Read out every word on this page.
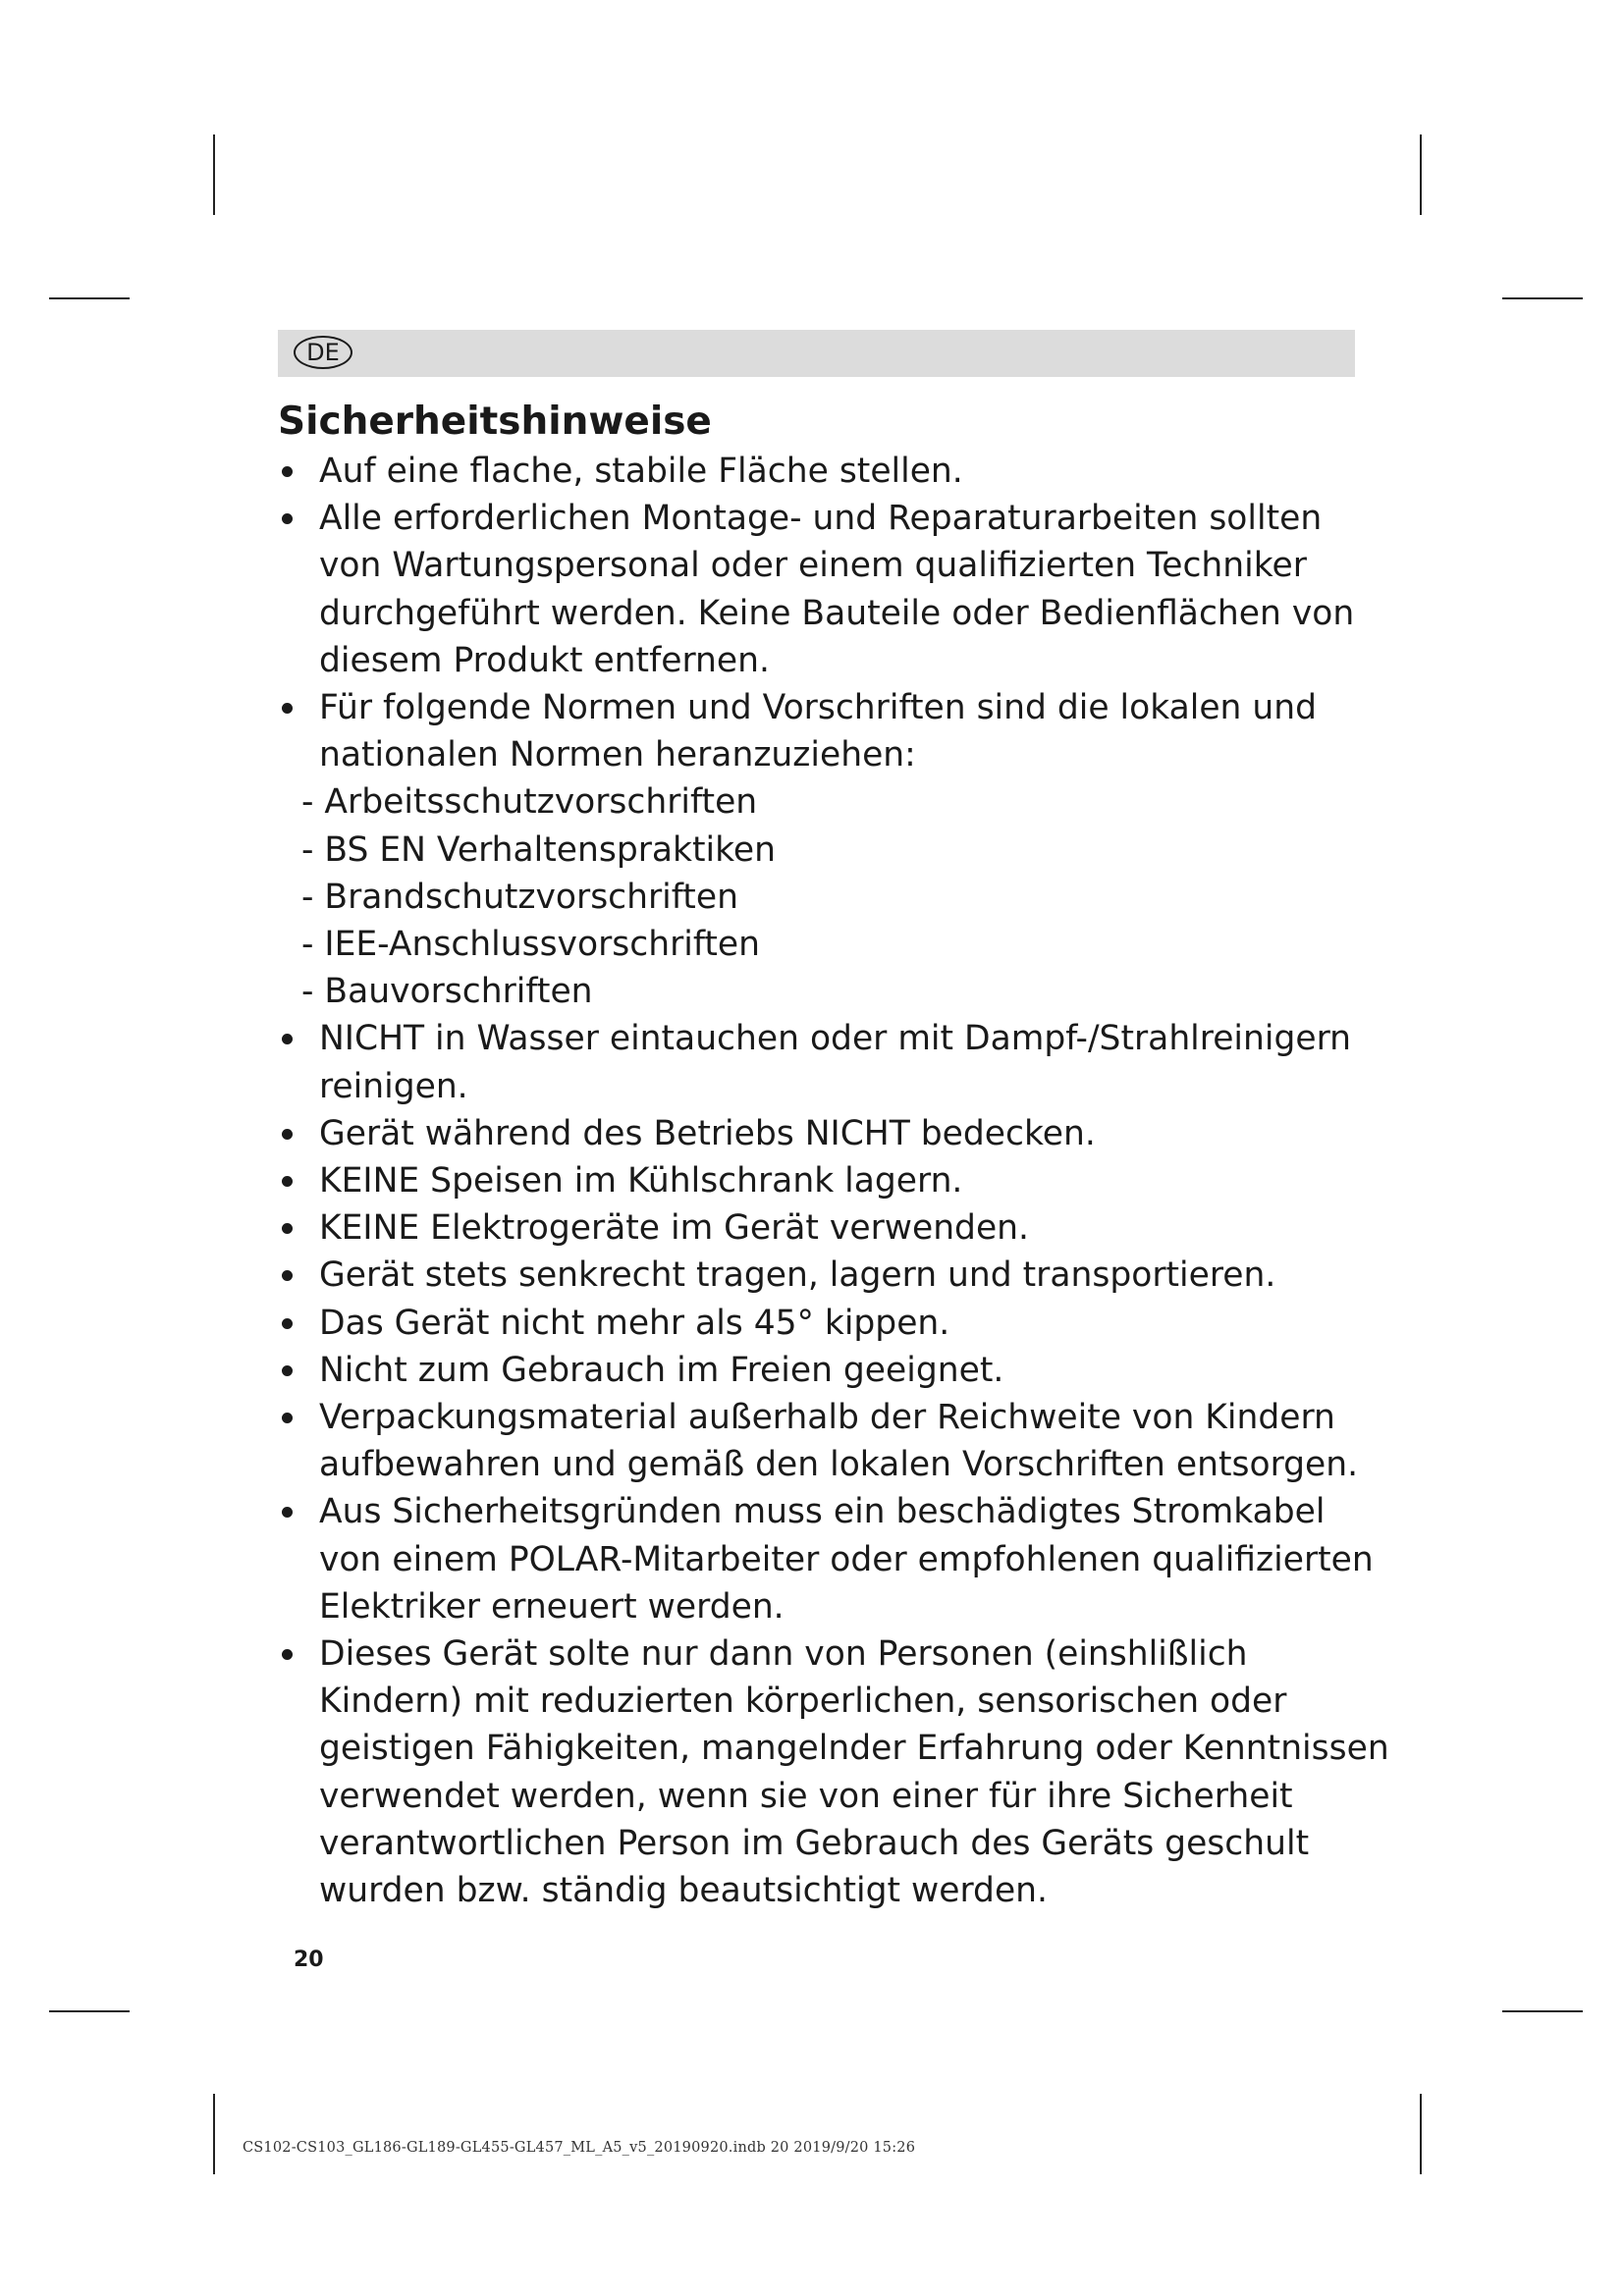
DE
Sicherheitshinweise
Auf eine flache, stabile Fläche stellen.
Alle erforderlichen Montage- und Reparaturarbeiten sollten
von Wartungspersonal oder einem qualifizierten Techniker
durchgeführt werden. Keine Bauteile oder Bedienflächen von
diesem Produkt entfernen.
Für folgende Normen und Vorschriften sind die lokalen und
nationalen Normen heranzuziehen:
- Arbeitsschutzvorschriften
- BS EN Verhaltenspraktiken
- Brandschutzvorschriften
- IEE-Anschlussvorschriften
- Bauvorschriften
NICHT in Wasser eintauchen oder mit Dampf-/Strahlreinigern
reinigen.
Gerät während des Betriebs NICHT bedecken.
KEINE Speisen im Kühlschrank lagern.
KEINE Elektrogeräte im Gerät verwenden.
Gerät stets senkrecht tragen, lagern und transportieren.
Das Gerät nicht mehr als 45° kippen.
Nicht zum Gebrauch im Freien geeignet.
Verpackungsmaterial außerhalb der Reichweite von Kindern
aufbewahren und gemäß den lokalen Vorschriften entsorgen.
Aus Sicherheitsgründen muss ein beschädigtes Stromkabel
von einem POLAR-Mitarbeiter oder empfohlenen qualifizierten
Elektriker erneuert werden.
Dieses Gerät solte nur dann von Personen (einshlißlich
Kindern) mit reduzierten körperlichen, sensorischen oder
geistigen Fähigkeiten, mangelnder Erfahrung oder Kenntnissen
verwendet werden, wenn sie von einer für ihre Sicherheit
verantwortlichen Person im Gebrauch des Geräts geschult
wurden bzw. ständig beautsichtigt werden.
20
CS102-CS103_GL186-GL189-GL455-GL457_ML_A5_v5_20190920.indb 20 2019/9/20 15:26
